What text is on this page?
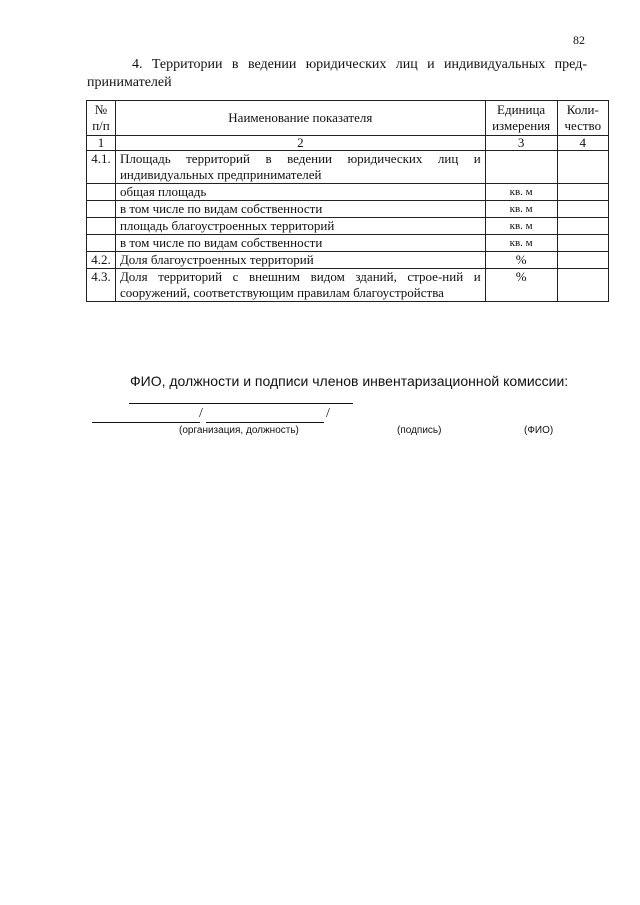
82
4. Территории в ведении юридических лиц и индивидуальных пред-принимателей
№ п/п	Наименование показателя	Единица измерения	Коли-чество
1	2	3	4
4.1.	Площадь территорий в ведении юридических лиц и индивидуальных предпринимателей		
	общая площадь	кв. м	
	в том числе по видам собственности	кв. м	
	площадь благоустроенных территорий	кв. м	
	в том числе по видам собственности	кв. м	
4.2.	Доля благоустроенных территорий	%	
4.3.	Доля территорий с внешним видом зданий, строе-ний и сооружений, соответствующим правилам благоустройства	%	
ФИО, должности и подписи членов инвентаризационной комиссии:
/	/
(организация, должность)	(подпись)	(ФИО)
